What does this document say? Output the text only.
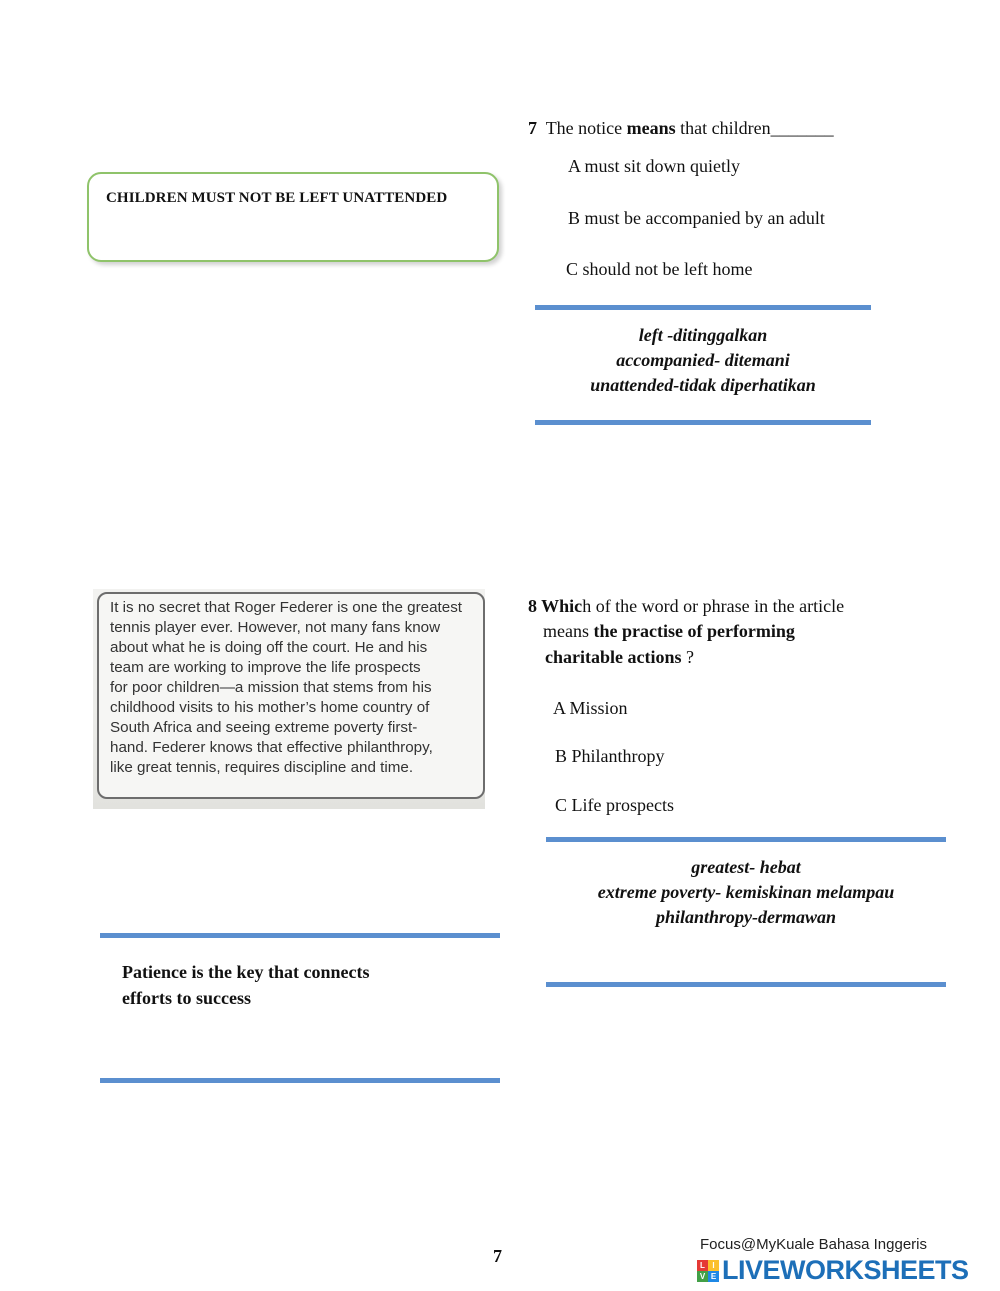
7 The notice means that children_______
A must sit down quietly
B must be accompanied by an adult
C should not be left home
CHILDREN MUST NOT BE LEFT UNATTENDED
left -ditinggalkan
accompanied- ditemani
unattended-tidak diperhatikan
It is no secret that Roger Federer is one the greatest
tennis player ever. However, not many fans know
about what he is doing off the court. He and his
team are working to improve the life prospects
for poor children—a mission that stems from his
childhood visits to his mother’s home country of
South Africa and seeing extreme poverty first-
hand. Federer knows that effective philanthropy,
like great tennis, requires discipline and time.
8 Which of the word or phrase in the article
means the practise of performing
charitable actions ?
A Mission
B Philanthropy
C Life prospects
greatest- hebat
extreme poverty- kemiskinan melampau
philanthropy-dermawan
Patience is the key that connects
efforts to success
7
Focus@MyKuale Bahasa Inggeris
L I
V E LIVEWORKSHEETS
